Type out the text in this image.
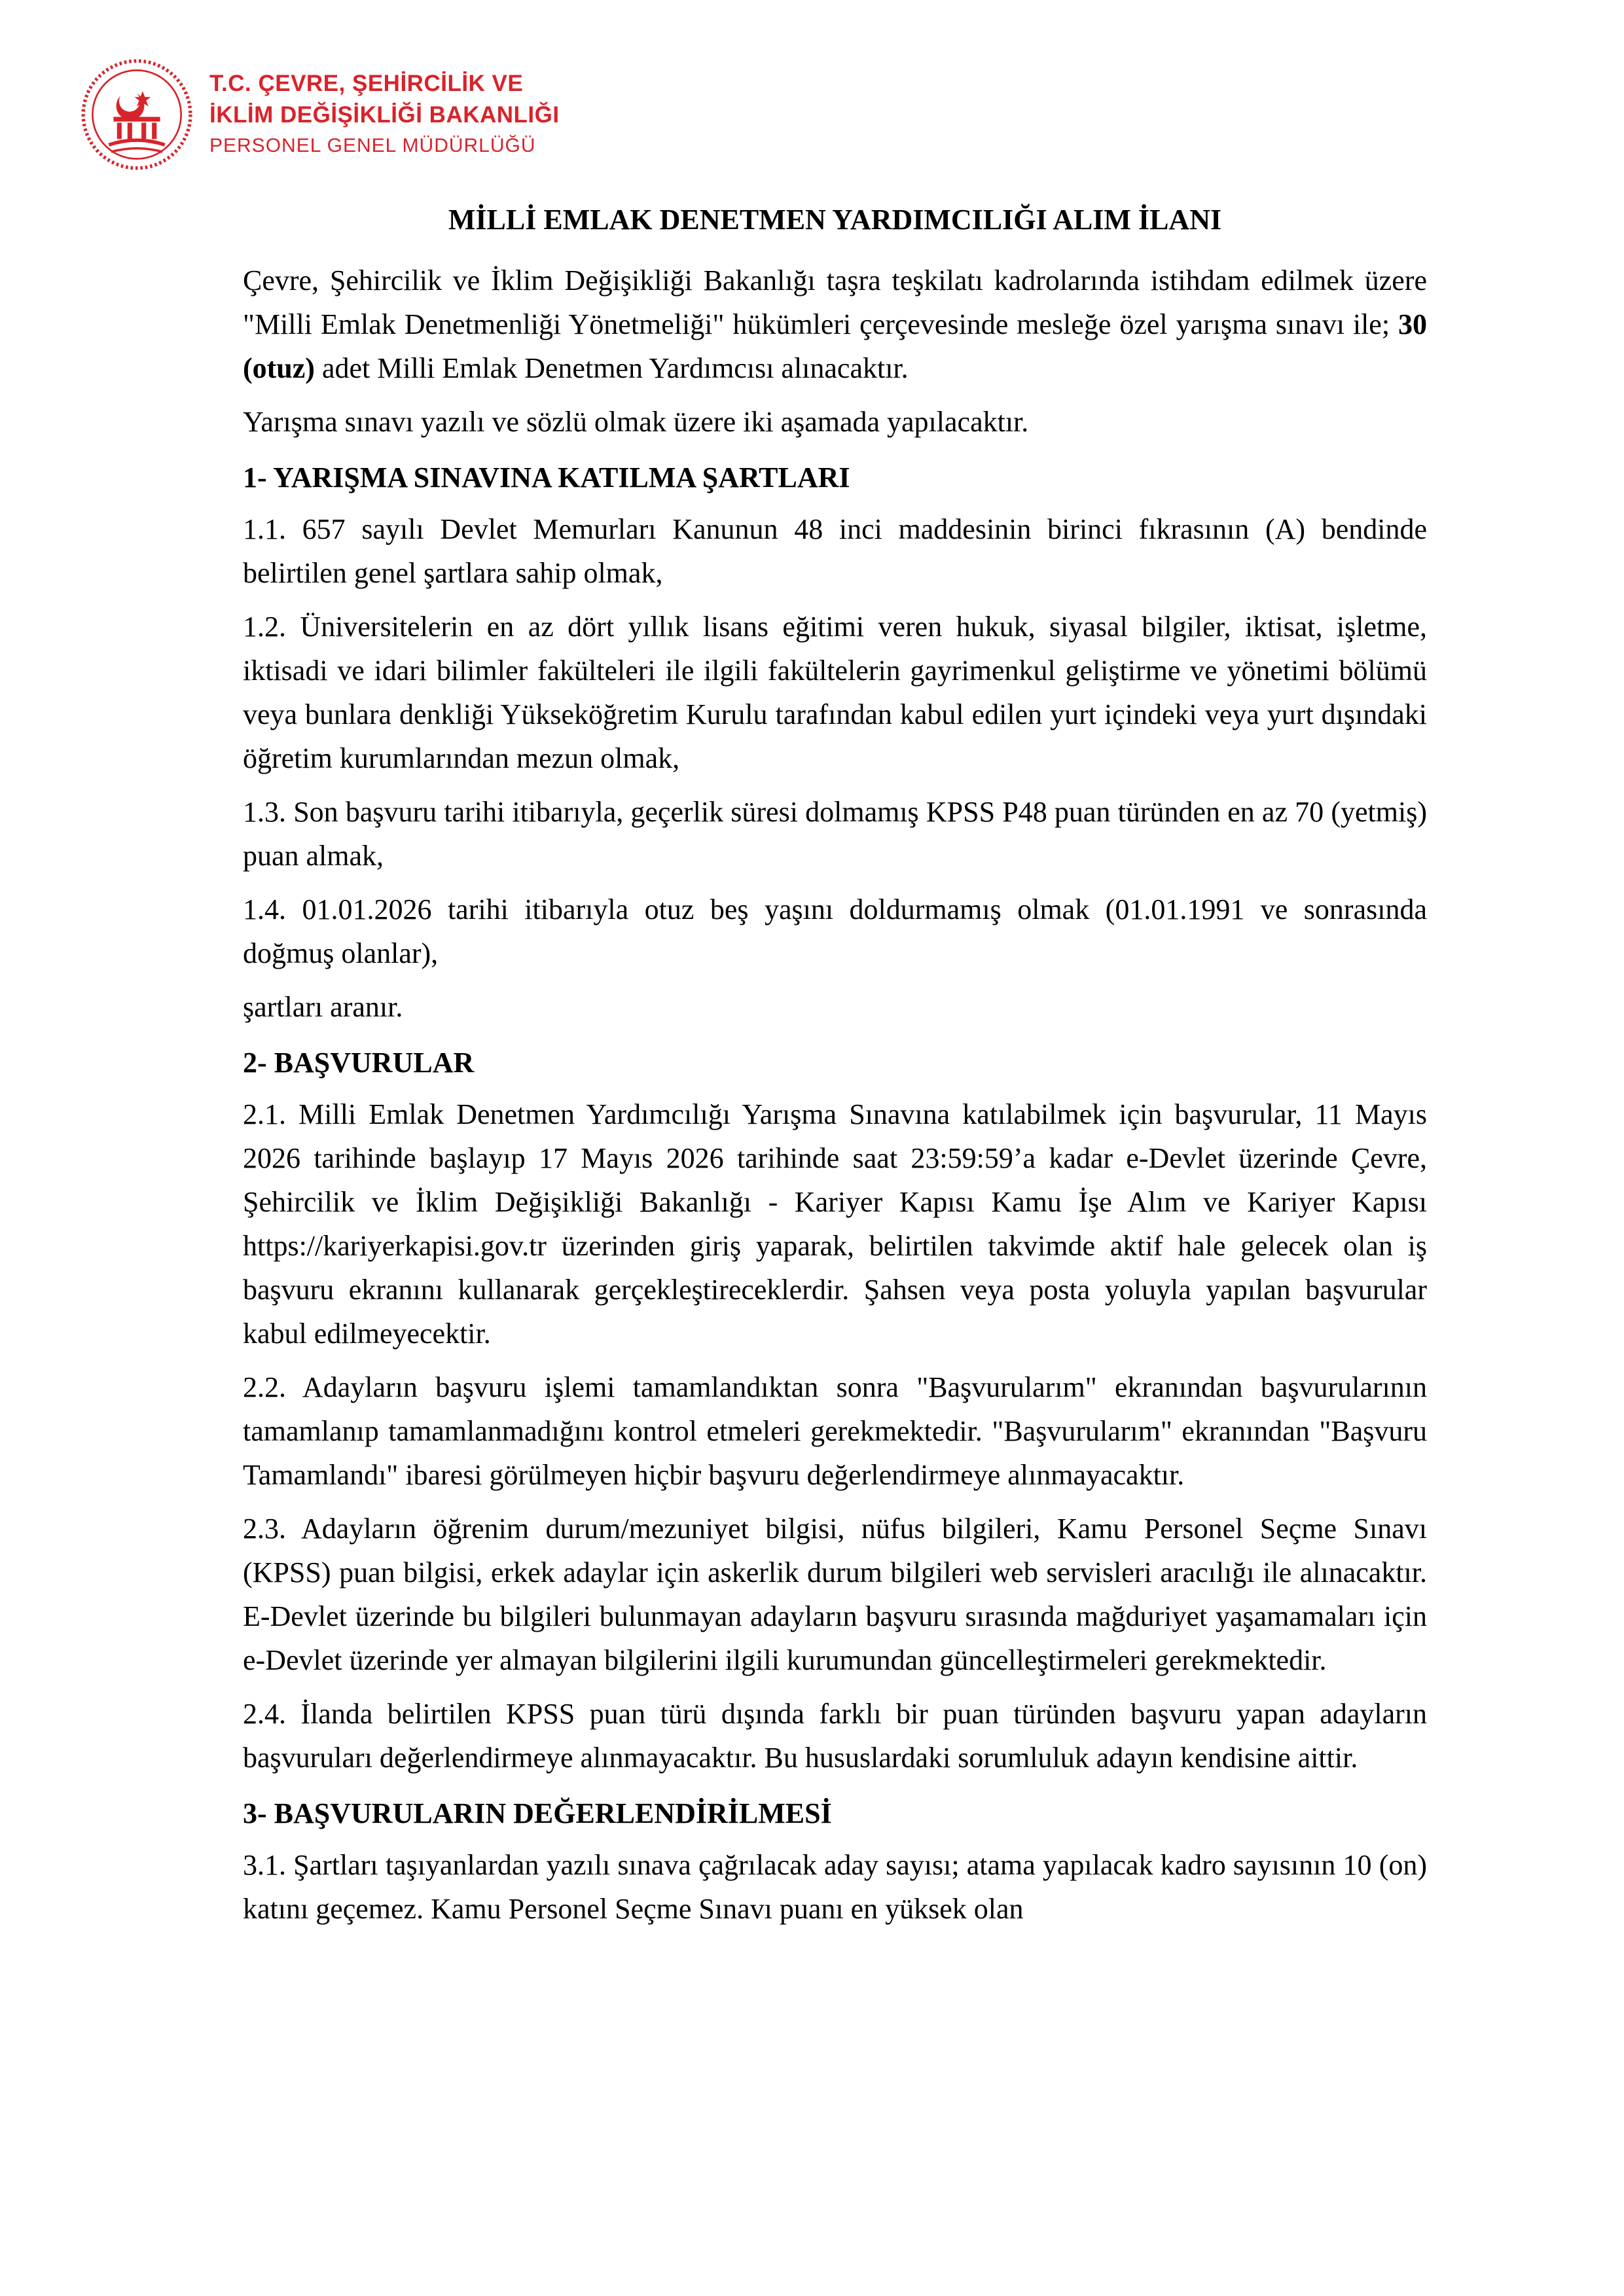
T.C. ÇEVRE, ŞEHİRCİLİK VE
İKLİM DEĞİŞİKLİĞİ BAKANLIĞI
PERSONEL GENEL MÜDÜRLÜĞÜ
MİLLİ EMLAK DENETMEN YARDIMCILIĞI ALIM İLANI
Çevre, Şehircilik ve İklim Değişikliği Bakanlığı taşra teşkilatı kadrolarında istihdam edilmek üzere "Milli Emlak Denetmenliği Yönetmeliği" hükümleri çerçevesinde mesleğe özel yarışma sınavı ile; 30 (otuz) adet Milli Emlak Denetmen Yardımcısı alınacaktır.
Yarışma sınavı yazılı ve sözlü olmak üzere iki aşamada yapılacaktır.
1- YARIŞMA SINAVINA KATILMA ŞARTLARI
1.1. 657 sayılı Devlet Memurları Kanunun 48 inci maddesinin birinci fıkrasının (A) bendinde belirtilen genel şartlara sahip olmak,
1.2. Üniversitelerin en az dört yıllık lisans eğitimi veren hukuk, siyasal bilgiler, iktisat, işletme, iktisadi ve idari bilimler fakülteleri ile ilgili fakültelerin gayrimenkul geliştirme ve yönetimi bölümü veya bunlara denkliği Yükseköğretim Kurulu tarafından kabul edilen yurt içindeki veya yurt dışındaki öğretim kurumlarından mezun olmak,
1.3. Son başvuru tarihi itibarıyla, geçerlik süresi dolmamış KPSS P48 puan türünden en az 70 (yetmiş) puan almak,
1.4. 01.01.2026 tarihi itibarıyla otuz beş yaşını doldurmamış olmak (01.01.1991 ve sonrasında doğmuş olanlar),
şartları aranır.
2- BAŞVURULAR
2.1. Milli Emlak Denetmen Yardımcılığı Yarışma Sınavına katılabilmek için başvurular, 11 Mayıs 2026 tarihinde başlayıp 17 Mayıs 2026 tarihinde saat 23:59:59’a kadar e-Devlet üzerinde Çevre, Şehircilik ve İklim Değişikliği Bakanlığı - Kariyer Kapısı Kamu İşe Alım ve Kariyer Kapısı https://kariyerkapisi.gov.tr üzerinden giriş yaparak, belirtilen takvimde aktif hale gelecek olan iş başvuru ekranını kullanarak gerçekleştireceklerdir. Şahsen veya posta yoluyla yapılan başvurular kabul edilmeyecektir.
2.2. Adayların başvuru işlemi tamamlandıktan sonra "Başvurularım" ekranından başvurularının tamamlanıp tamamlanmadığını kontrol etmeleri gerekmektedir. "Başvurularım" ekranından "Başvuru Tamamlandı" ibaresi görülmeyen hiçbir başvuru değerlendirmeye alınmayacaktır.
2.3. Adayların öğrenim durum/mezuniyet bilgisi, nüfus bilgileri, Kamu Personel Seçme Sınavı (KPSS) puan bilgisi, erkek adaylar için askerlik durum bilgileri web servisleri aracılığı ile alınacaktır. E-Devlet üzerinde bu bilgileri bulunmayan adayların başvuru sırasında mağduriyet yaşamamaları için e-Devlet üzerinde yer almayan bilgilerini ilgili kurumundan güncelleştirmeleri gerekmektedir.
2.4. İlanda belirtilen KPSS puan türü dışında farklı bir puan türünden başvuru yapan adayların başvuruları değerlendirmeye alınmayacaktır. Bu hususlardaki sorumluluk adayın kendisine aittir.
3- BAŞVURULARIN DEĞERLENDİRİLMESİ
3.1. Şartları taşıyanlardan yazılı sınava çağrılacak aday sayısı; atama yapılacak kadro sayısının 10 (on) katını geçemez. Kamu Personel Seçme Sınavı puanı en yüksek olan
